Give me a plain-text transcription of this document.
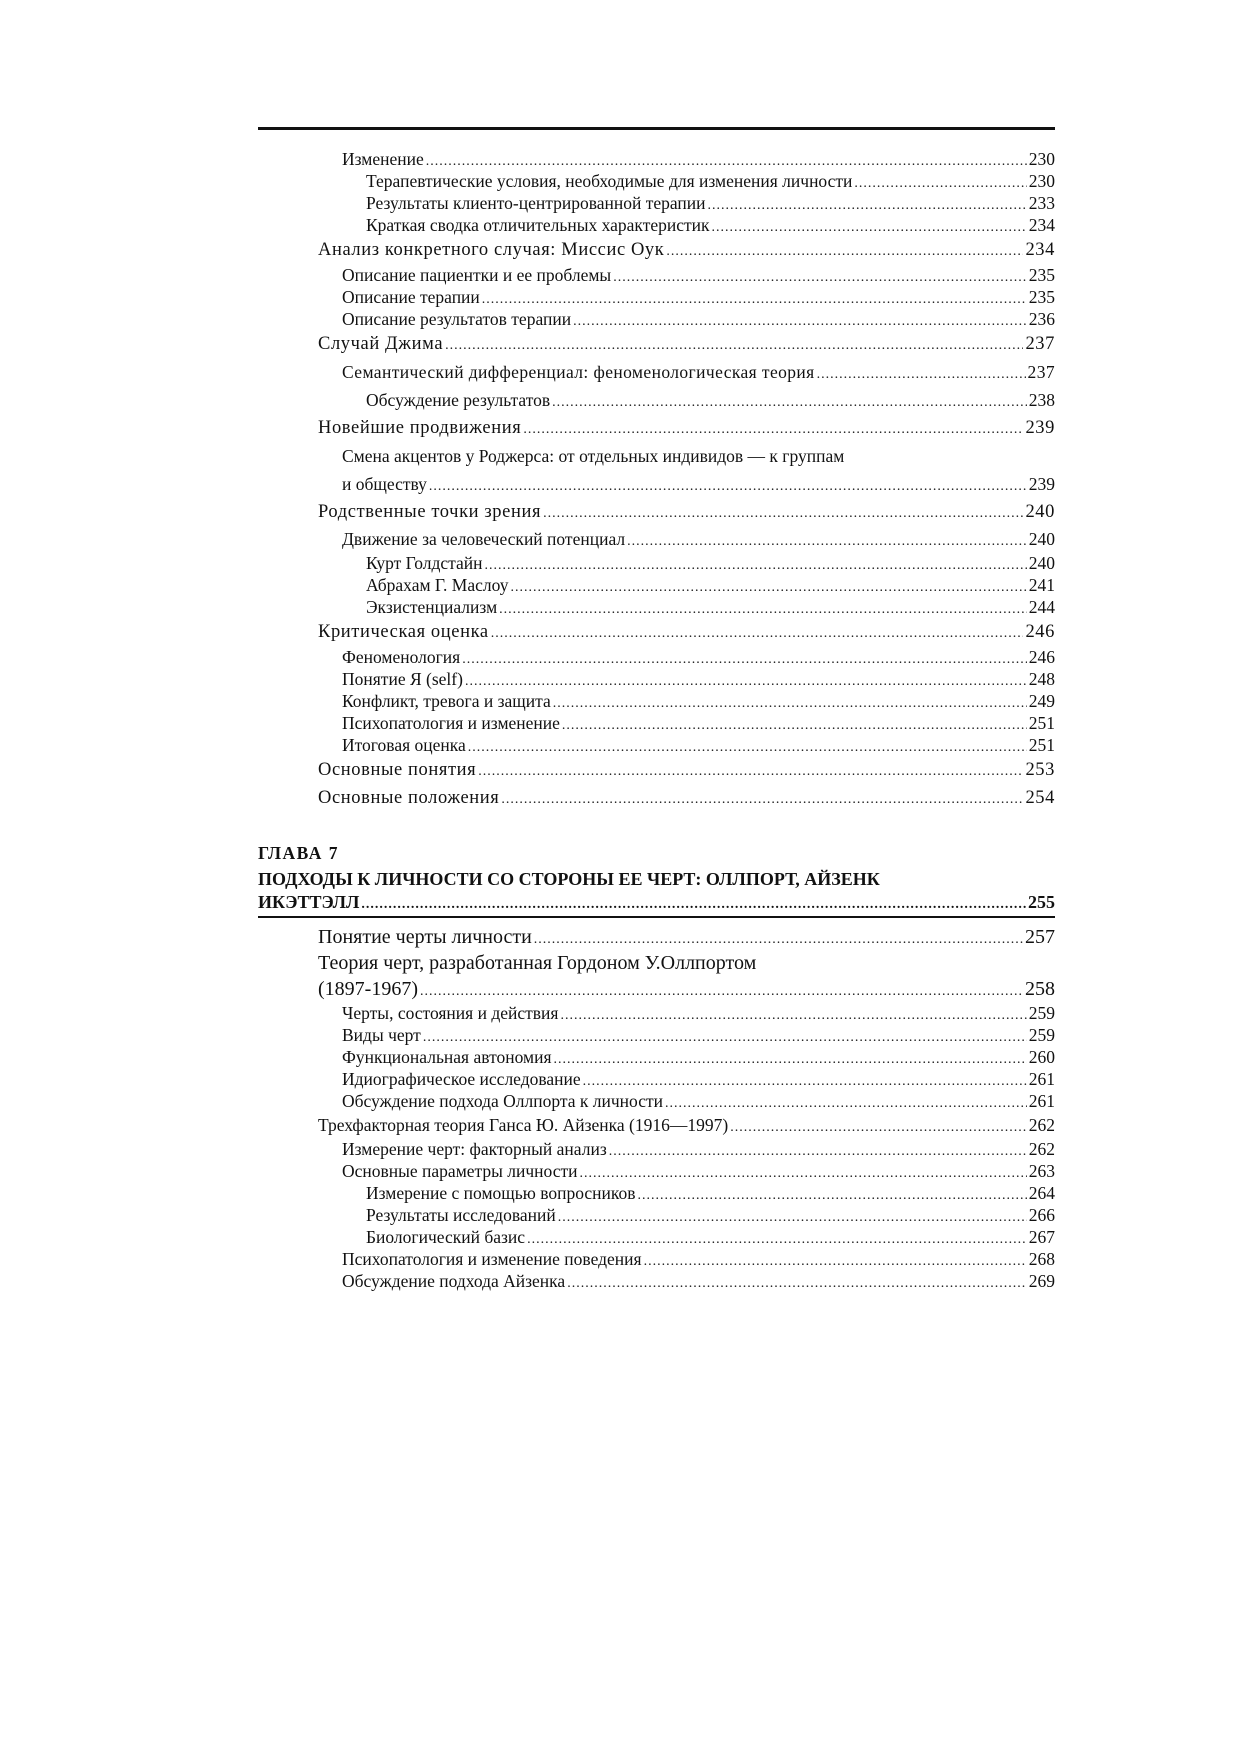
Изменение .....	230
Терапевтические условия, необходимые для изменения личности .....	230
Результаты клиенто-центрированной терапии .....	233
Краткая сводка отличительных характеристик .....	234
Анализ конкретного случая: Миссис Оук .....	234
Описание пациентки и ее проблемы .....	235
Описание терапии .....	235
Описание результатов терапии .....	236
Случай Джима .....	237
Семантический дифференциал: феноменологическая теория .....	237
Обсуждение результатов .....	238
Новейшие продвижения .....	239
Смена акцентов у Роджерса: от отдельных индивидов — к группам
и обществу .....	239
Родственные точки зрения .....	240
Движение за человеческий потенциал .....	240
Курт Голдстайн .....	240
Абрахам Г. Маслоу .....	241
Экзистенциализм .....	244
Критическая оценка .....	246
Феноменология .....	246
Понятие Я (self) .....	248
Конфликт, тревога и защита .....	249
Психопатология и изменение .....	251
Итоговая оценка .....	251
Основные понятия .....	253
Основные положения .....	254
ГЛАВА 7
ПОДХОДЫ К ЛИЧНОСТИ СО СТОРОНЫ ЕЕ ЧЕРТ: ОЛЛПОРТ, АЙЗЕНК
ИКЭТТЭЛЛ .....	255
Понятие черты личности .....	257
Теория черт, разработанная Гордоном У.Оллпортом
(1897-1967) .....	258
Черты, состояния и действия .....	259
Виды черт .....	259
Функциональная автономия .....	260
Идиографическое исследование .....	261
Обсуждение подхода Оллпорта к личности .....	261
Трехфакторная теория Ганса Ю. Айзенка (1916—1997) .....	262
Измерение черт: факторный анализ .....	262
Основные параметры личности .....	263
Измерение с помощью вопросников .....	264
Результаты исследований .....	266
Биологический базис .....	267
Психопатология и изменение поведения .....	268
Обсуждение подхода Айзенка .....	269
